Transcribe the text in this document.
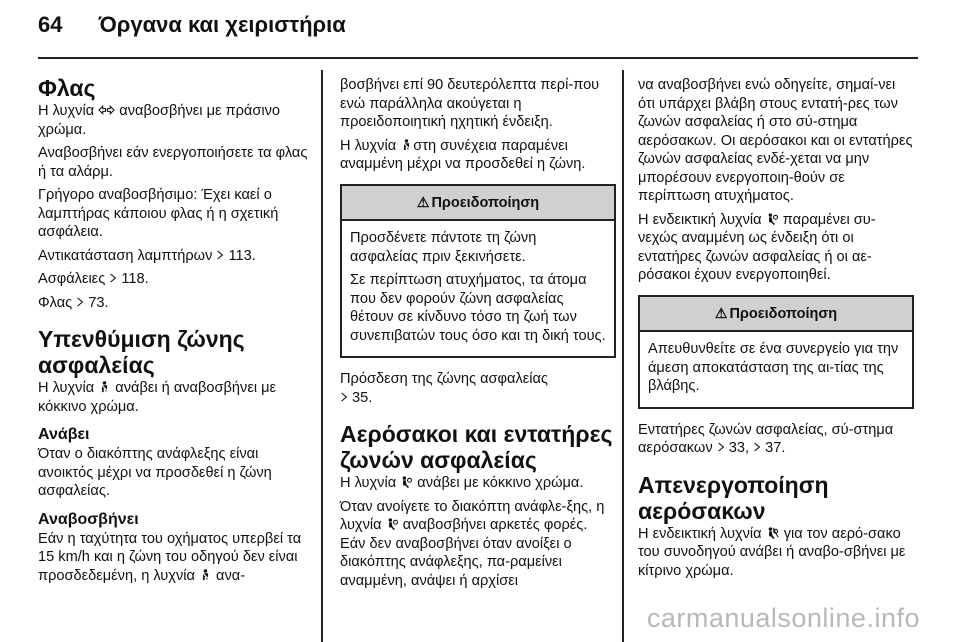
64 Όργανα και χειριστήρια
Φλας

Η λυχνία  αναβοσβήνει με πράσινο χρώμα.

Αναβοσβήνει εάν ενεργοποιήσετε τα φλας ή τα αλάρμ.

Γρήγορο αναβοσβήσιμο: Έχει καεί ο λαμπτήρας κάποιου φλας ή η σχετική ασφάλεια.

Αντικατάσταση λαμπτήρων  113.

Ασφάλειες  118.

Φλας  73.

Υπενθύμιση ζώνης ασφαλείας

Η λυχνία  ανάβει ή αναβοσβήνει με κόκκινο χρώμα.

Ανάβει

Όταν ο διακόπτης ανάφλεξης είναι ανοικτός μέχρι να προσδεθεί η ζώνη ασφαλείας.

Αναβοσβήνει

Εάν η ταχύτητα του οχήματος υπερβεί τα 15 km/h και η ζώνη του οδηγού δεν είναι προσδεδεμένη, η λυχνία  ανα-

βοσβήνει επί 90 δευτερόλεπτα περί-που ενώ παράλληλα ακούγεται η προειδοποιητική ηχητική ένδειξη.

Η λυχνία στη συνέχεια παραμένει αναμμένη μέχρι να προσδεθεί η ζώνη.

⚠ Προειδοποίηση

Προσδένετε πάντοτε τη ζώνη ασφαλείας πριν ξεκινήσετε.

Σε περίπτωση ατυχήματος, τα άτομα που δεν φορούν ζώνη ασφαλείας θέτουν σε κίνδυνο τόσο τη ζωή των συνεπιβατών τους όσο και τη δική τους.

Πρόσδεση της ζώνης ασφαλείας
35.

Αερόσακοι και εντατήρες ζωνών ασφαλείας

Η λυχνία  ανάβει με κόκκινο χρώμα.

Όταν ανοίγετε το διακόπτη ανάφλε-ξης, η λυχνία  αναβοσβήνει αρκετές φορές. Εάν δεν αναβοσβήνει όταν ανοίξει ο διακόπτης ανάφλεξης, πα-ραμείνει αναμμένη, ανάψει ή αρχίσει

να αναβοσβήνει ενώ οδηγείτε, σημαί-νει ότι υπάρχει βλάβη στους εντατή-ρες των ζωνών ασφαλείας ή στο σύ-στημα αερόσακων. Οι αερόσακοι και οι εντατήρες ζωνών ασφαλείας ενδέ-χεται να μην μπορέσουν ενεργοποιη-θούν σε περίπτωση ατυχήματος.

Η ενδεικτική λυχνία  παραμένει συ-νεχώς αναμμένη ως ένδειξη ότι οι εντατήρες ζωνών ασφαλείας ή οι αε-ρόσακοι έχουν ενεργοποιηθεί.

⚠ Προειδοποίηση

Απευθυνθείτε σε ένα συνεργείο για την άμεση αποκατάσταση της αι-τίας της βλάβης.

Εντατήρες ζωνών ασφαλείας, σύ-στημα αερόσακων  33,  37.

Απενεργοποίηση αερόσακων

Η ενδεικτική λυχνία  για τον αερό-σακο του συνοδηγού ανάβει ή αναβο-σβήνει με κίτρινο χρώμα.

carmanualsonline.info
